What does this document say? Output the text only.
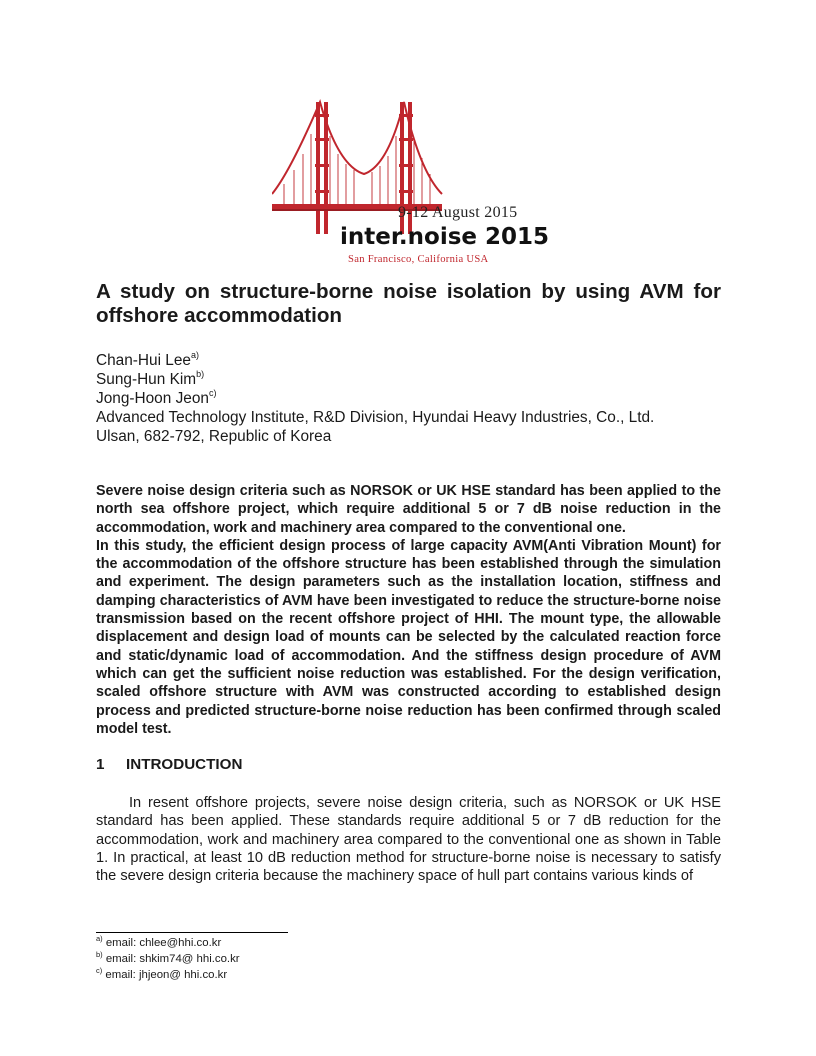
9-12 August 2015
inter.noise 2015
San Francisco, California USA
A study on structure-borne noise isolation by using AVM for
offshore accommodation
Chan-Hui Lee$^{a)}$
Sung-Hun Kim$^{b)}$
Jong-Hoon Jeon$^{c)}$
Advanced Technology Institute, R&D Division, Hyundai Heavy Industries, Co., Ltd.
Ulsan, 682-792, Republic of Korea

Severe noise design criteria such as NORSOK or UK HSE standard has been applied to the north sea offshore project, which require additional 5 or 7 dB noise reduction in the accommodation, work and machinery area compared to the conventional one.

In this study, the efficient design process of large capacity AVM(Anti Vibration Mount) for the accommodation of the offshore structure has been established through the simulation and experiment. The design parameters such as the installation location, stiffness and damping characteristics of AVM have been investigated to reduce the structure-borne noise transmission based on the recent offshore project of HHI. The mount type, the allowable displacement and design load of mounts can be selected by the calculated reaction force and static/dynamic load of accommodation. And the stiffness design procedure of AVM which can get the sufficient noise reduction was established. For the design verification, scaled offshore structure with AVM was constructed according to established design process and predicted structure-borne noise reduction has been confirmed through scaled model test.

1 INTRODUCTION

In resent offshore projects, severe noise design criteria, such as NORSOK or UK HSE standard has been applied. These standards require additional 5 or 7 dB reduction for the accommodation, work and machinery area compared to the conventional one as shown in Table 1. In practical, at least 10 dB reduction method for structure-borne noise is necessary to satisfy the severe design criteria because the machinery space of hull part contains various kinds of

$^{a)}$ email: chlee@hhi.co.kr
$^{b)}$ email: shkim74@ hhi.co.kr
$^{c)}$ email: jhjeon@ hhi.co.kr
